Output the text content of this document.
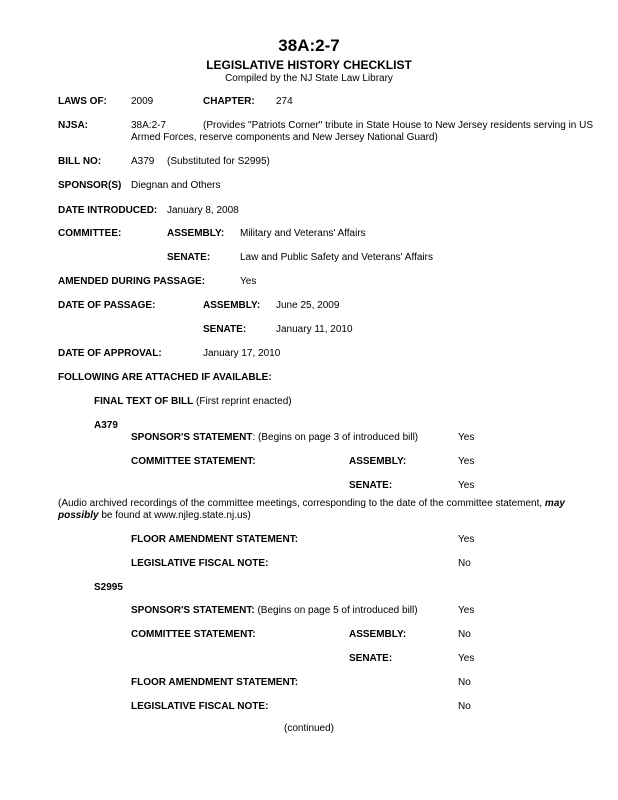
38A:2-7
LEGISLATIVE HISTORY CHECKLIST
Compiled by the NJ State Law Library
LAWS OF: 2009	CHAPTER: 274
NJSA:	38A:2-7	(Provides "Patriots Corner" tribute in State House to New Jersey residents serving in US Armed Forces, reserve components and New Jersey National Guard)
BILL NO:	A379 (Substituted for S2995)
SPONSOR(S) Diegnan and Others
DATE INTRODUCED: January 8, 2008
COMMITTEE:	ASSEMBLY: Military and Veterans' Affairs
SENATE:	Law and Public Safety and Veterans' Affairs
AMENDED DURING PASSAGE:	Yes
DATE OF PASSAGE:	ASSEMBLY: June 25, 2009
SENATE:	January 11, 2010
DATE OF APPROVAL:	January 17, 2010
FOLLOWING ARE ATTACHED IF AVAILABLE:
FINAL TEXT OF BILL (First reprint enacted)
A379
SPONSOR'S STATEMENT: (Begins on page 3 of introduced bill)	Yes
COMMITTEE STATEMENT:	ASSEMBLY:	Yes
SENATE:	Yes
(Audio archived recordings of the committee meetings, corresponding to the date of the committee statement, may possibly be found at www.njleg.state.nj.us)
FLOOR AMENDMENT STATEMENT:	Yes
LEGISLATIVE FISCAL NOTE:	No
S2995
SPONSOR'S STATEMENT: (Begins on page 5 of introduced bill)	Yes
COMMITTEE STATEMENT:	ASSEMBLY:	No
SENATE:	Yes
FLOOR AMENDMENT STATEMENT:	No
LEGISLATIVE FISCAL NOTE:	No
(continued)
